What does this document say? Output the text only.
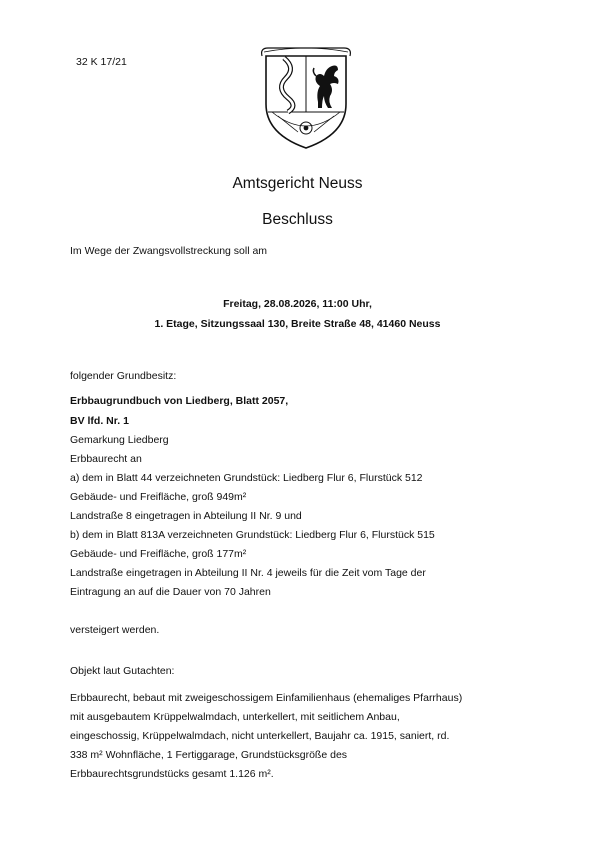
32 K 17/21
Amtsgericht Neuss
Beschluss
Im Wege der Zwangsvollstreckung soll am
Freitag, 28.08.2026, 11:00 Uhr,
1. Etage, Sitzungssaal 130, Breite Straße 48, 41460 Neuss
folgender Grundbesitz:
Erbbaugrundbuch von Liedberg, Blatt 2057,
BV lfd. Nr. 1
Gemarkung Liedberg
Erbbaurecht an
a) dem in Blatt 44 verzeichneten Grundstück: Liedberg Flur 6, Flurstück 512
Gebäude- und Freifläche, groß 949m²
Landstraße 8 eingetragen in Abteilung II Nr. 9 und
b) dem in Blatt 813A verzeichneten Grundstück: Liedberg Flur 6, Flurstück 515
Gebäude- und Freifläche, groß 177m²
Landstraße eingetragen in Abteilung II Nr. 4 jeweils für die Zeit vom Tage der
Eintragung an auf die Dauer von 70 Jahren
versteigert werden.
Objekt laut Gutachten:
Erbbaurecht, bebaut mit zweigeschossigem Einfamilienhaus (ehemaliges Pfarrhaus)
mit ausgebautem Krüppelwalmdach, unterkellert, mit seitlichem Anbau,
eingeschossig, Krüppelwalmdach, nicht unterkellert, Baujahr ca. 1915, saniert, rd.
338 m² Wohnfläche, 1 Fertiggarage, Grundstücksgröße des
Erbbaurechtsgrundstücks gesamt 1.126 m².
